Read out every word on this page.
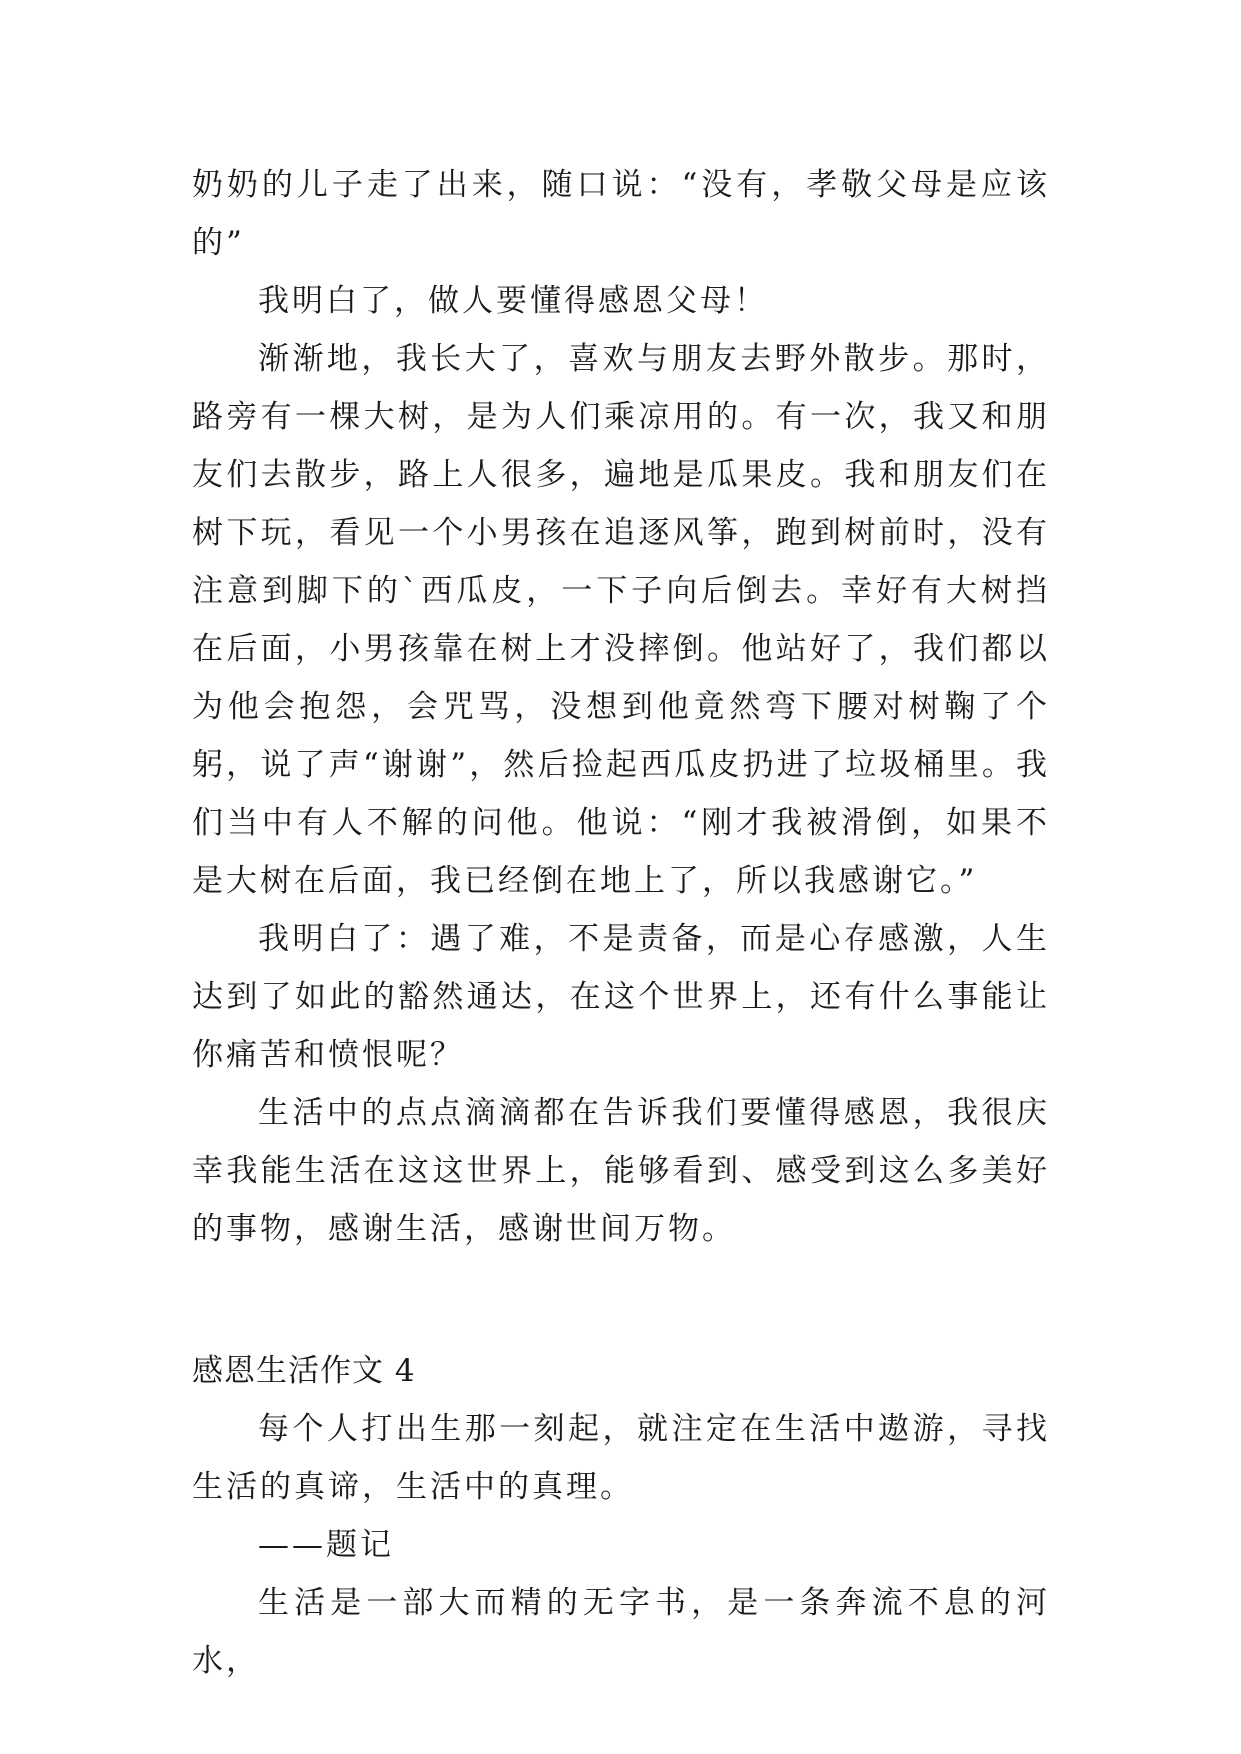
奶奶的儿子走了出来，随口说：“没有，孝敬父母是应该的”

我明白了，做人要懂得感恩父母！

渐渐地，我长大了，喜欢与朋友去野外散步。那时，路旁有一棵大树，是为人们乘凉用的。有一次，我又和朋友们去散步，路上人很多，遍地是瓜果皮。我和朋友们在树下玩，看见一个小男孩在追逐风筝，跑到树前时，没有注意到脚下的`西瓜皮，一下子向后倒去。幸好有大树挡在后面，小男孩靠在树上才没摔倒。他站好了，我们都以为他会抱怨，会咒骂，没想到他竟然弯下腰对树鞠了个躬，说了声“谢谢”，然后捡起西瓜皮扔进了垃圾桶里。我们当中有人不解的问他。他说：“刚才我被滑倒，如果不是大树在后面，我已经倒在地上了，所以我感谢它。”

我明白了：遇了难，不是责备，而是心存感激，人生达到了如此的豁然通达，在这个世界上，还有什么事能让你痛苦和愤恨呢？

生活中的点点滴滴都在告诉我们要懂得感恩，我很庆幸我能生活在这这世界上，能够看到、感受到这么多美好的事物，感谢生活，感谢世间万物。

感恩生活作文 4

每个人打出生那一刻起，就注定在生活中遨游，寻找生活的真谛，生活中的真理。

——题记

生活是一部大而精的无字书，是一条奔流不息的河水，
